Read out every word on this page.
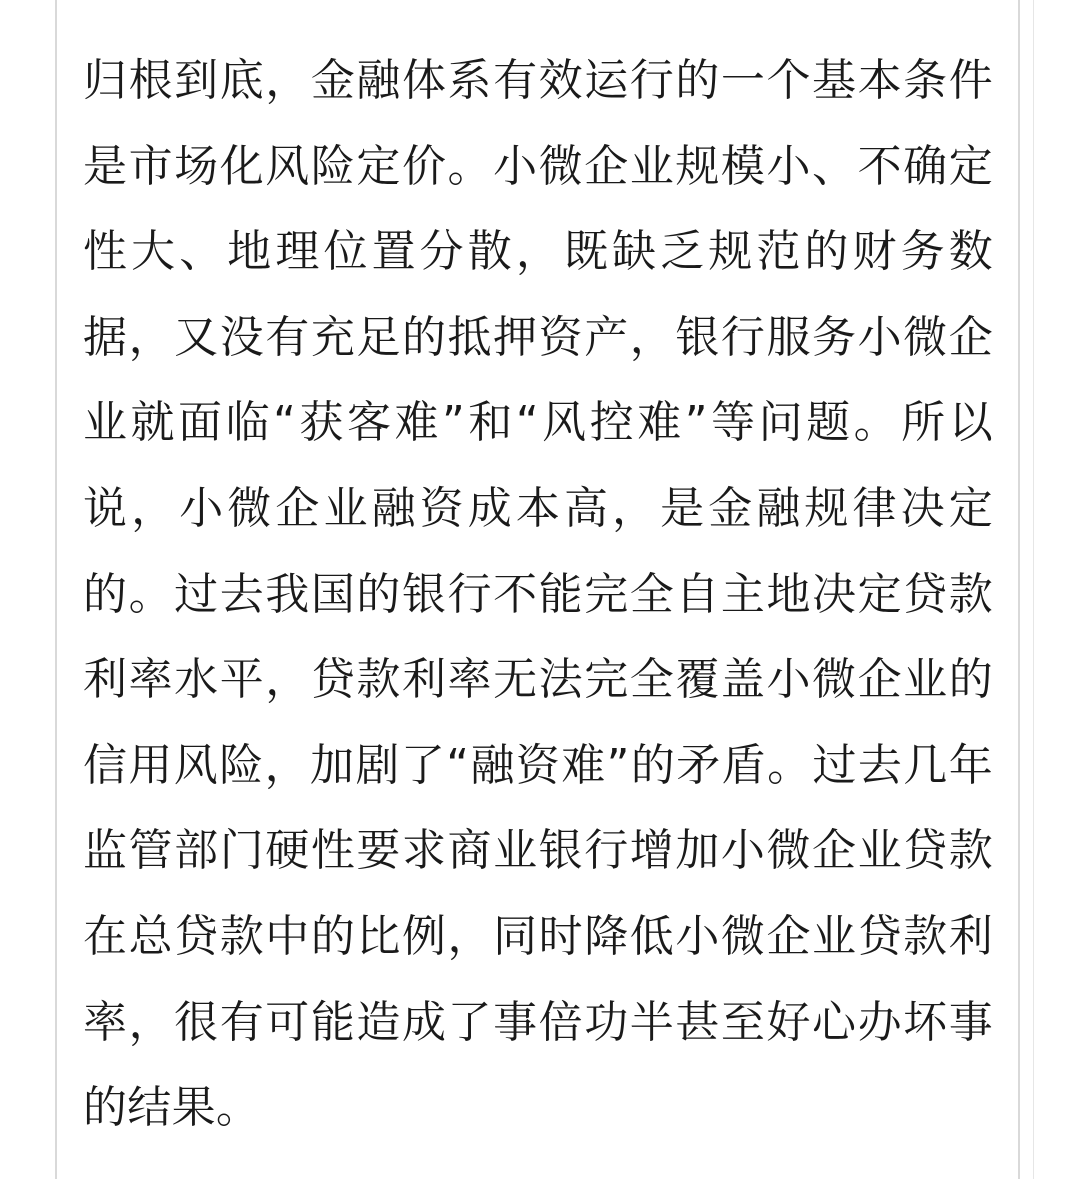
归根到底，金融体系有效运行的一个基本条件
是市场化风险定价。小微企业规模小、不确定
性大、地理位置分散，既缺乏规范的财务数
据，又没有充足的抵押资产，银行服务小微企
业就面临“获客难”和“风控难”等问题。所以
说，小微企业融资成本高，是金融规律决定
的。过去我国的银行不能完全自主地决定贷款
利率水平，贷款利率无法完全覆盖小微企业的
信用风险，加剧了“融资难”的矛盾。过去几年
监管部门硬性要求商业银行增加小微企业贷款
在总贷款中的比例，同时降低小微企业贷款利
率，很有可能造成了事倍功半甚至好心办坏事
的结果。
